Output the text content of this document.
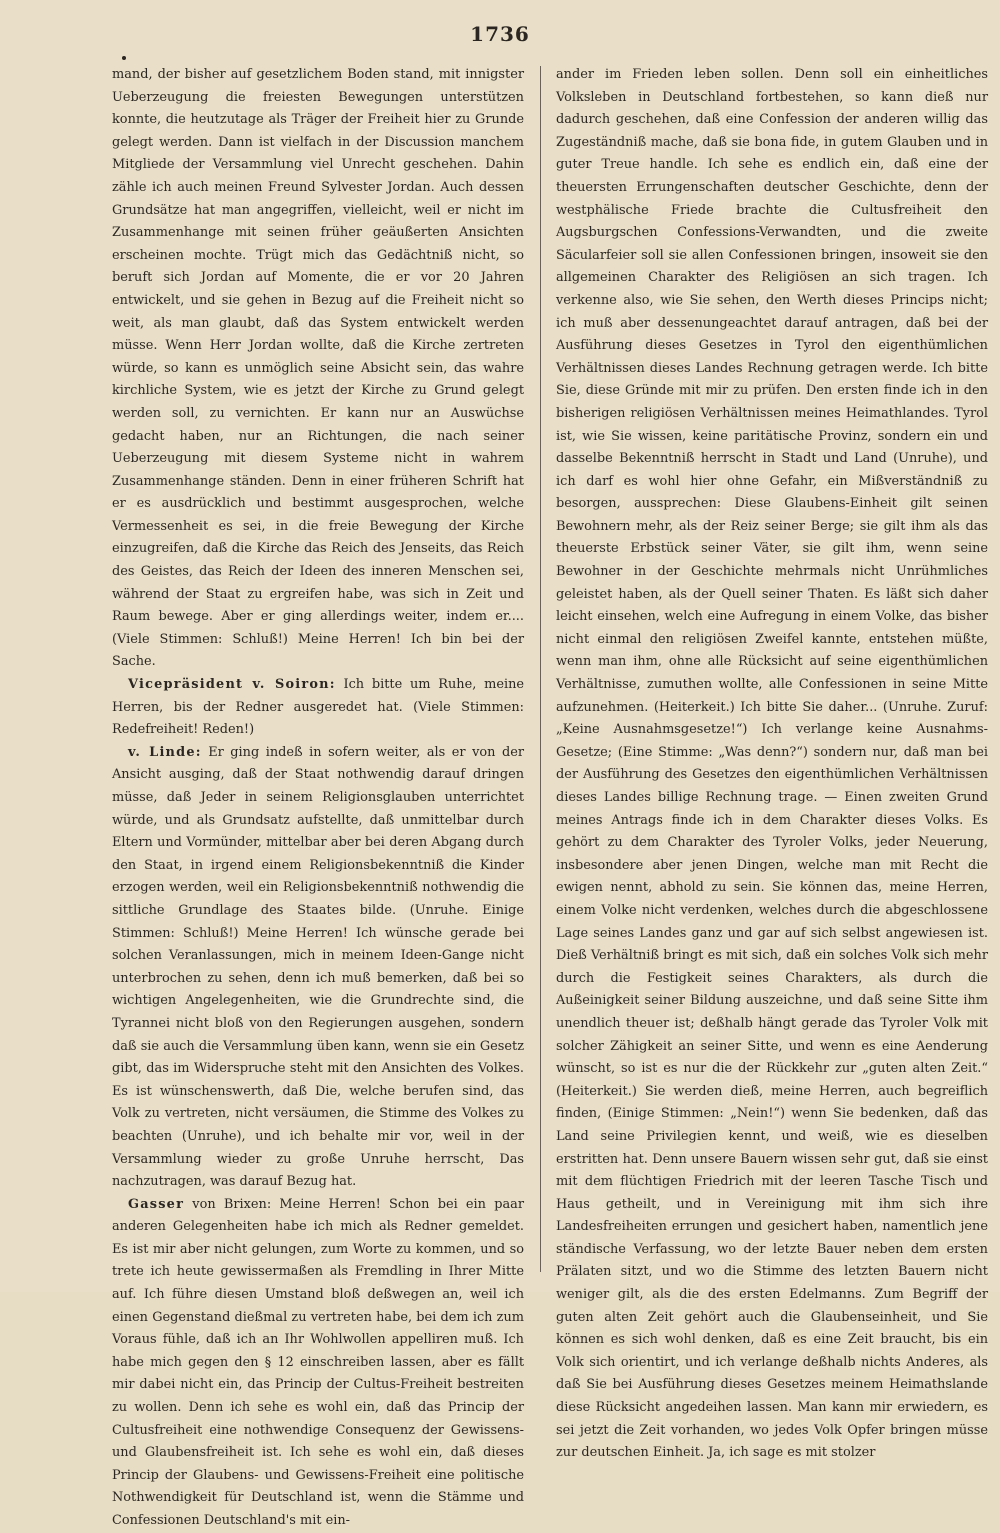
1736

mand, der bisher auf gesetzlichem Boden stand, mit innigster Ueberzeugung die freiesten Bewegungen unterstützen konnte, die heutzutage als Träger der Freiheit hier zu Grunde gelegt werden. Dann ist vielfach in der Discussion manchem Mitgliede der Versammlung viel Unrecht geschehen. Dahin zähle ich auch meinen Freund Sylvester Jordan. Auch dessen Grundsätze hat man angegriffen, vielleicht, weil er nicht im Zusammenhange mit seinen früher geäußerten Ansichten erscheinen mochte. Trügt mich das Gedächtniß nicht, so beruft sich Jordan auf Momente, die er vor 20 Jahren entwickelt, und sie gehen in Bezug auf die Freiheit nicht so weit, als man glaubt, daß das System entwickelt werden müsse. Wenn Herr Jordan wollte, daß die Kirche zertreten würde, so kann es unmöglich seine Absicht sein, das wahre kirchliche System, wie es jetzt der Kirche zu Grund gelegt werden soll, zu vernichten. Er kann nur an Auswüchse gedacht haben, nur an Richtungen, die nach seiner Ueberzeugung mit diesem Systeme nicht in wahrem Zusammenhange ständen. Denn in einer früheren Schrift hat er es ausdrücklich und bestimmt ausgesprochen, welche Vermessenheit es sei, in die freie Bewegung der Kirche einzugreifen, daß die Kirche das Reich des Jenseits, das Reich des Geistes, das Reich der Ideen des inneren Menschen sei, während der Staat zu ergreifen habe, was sich in Zeit und Raum bewege. Aber er ging allerdings weiter, indem er.... (Viele Stimmen: Schluß!) Meine Herren! Ich bin bei der Sache.

Vicepräsident v. Soiron: Ich bitte um Ruhe, meine Herren, bis der Redner ausgeredet hat. (Viele Stimmen: Redefreiheit! Reden!)

v. Linde: Er ging indeß in sofern weiter, als er von der Ansicht ausging, daß der Staat nothwendig darauf dringen müsse, daß Jeder in seinem Religionsglauben unterrichtet würde, und als Grundsatz aufstellte, daß unmittelbar durch Eltern und Vormünder, mittelbar aber bei deren Abgang durch den Staat, in irgend einem Religionsbekenntniß die Kinder erzogen werden, weil ein Religionsbekenntniß nothwendig die sittliche Grundlage des Staates bilde. (Unruhe. Einige Stimmen: Schluß!) Meine Herren! Ich wünsche gerade bei solchen Veranlassungen, mich in meinem Ideen-Gange nicht unterbrochen zu sehen, denn ich muß bemerken, daß bei so wichtigen Angelegenheiten, wie die Grundrechte sind, die Tyrannei nicht bloß von den Regierungen ausgehen, sondern daß sie auch die Versammlung üben kann, wenn sie ein Gesetz gibt, das im Widerspruche steht mit den Ansichten des Volkes. Es ist wünschenswerth, daß Die, welche berufen sind, das Volk zu vertreten, nicht versäumen, die Stimme des Volkes zu beachten (Unruhe), und ich behalte mir vor, weil in der Versammlung wieder zu große Unruhe herrscht, Das nachzutragen, was darauf Bezug hat.

Gasser von Brixen: Meine Herren! Schon bei ein paar anderen Gelegenheiten habe ich mich als Redner gemeldet. Es ist mir aber nicht gelungen, zum Worte zu kommen, und so trete ich heute gewissermaßen als Fremdling in Ihrer Mitte auf. Ich führe diesen Umstand bloß deßwegen an, weil ich einen Gegenstand dießmal zu vertreten habe, bei dem ich zum Voraus fühle, daß ich an Ihr Wohlwollen appelliren muß. Ich habe mich gegen den § 12 einschreiben lassen, aber es fällt mir dabei nicht ein, das Princip der Cultus-Freiheit bestreiten zu wollen. Denn ich sehe es wohl ein, daß das Princip der Cultusfreiheit eine nothwendige Consequenz der Gewissens- und Glaubensfreiheit ist. Ich sehe es wohl ein, daß dieses Princip der Glaubens- und Gewissens-Freiheit eine politische Nothwendigkeit für Deutschland ist, wenn die Stämme und Confessionen Deutschland's mit ein-

ander im Frieden leben sollen. Denn soll ein einheitliches Volksleben in Deutschland fortbestehen, so kann dieß nur dadurch geschehen, daß eine Confession der anderen willig das Zugeständniß mache, daß sie bona fide, in gutem Glauben und in guter Treue handle. Ich sehe es endlich ein, daß eine der theuersten Errungenschaften deutscher Geschichte, denn der westphälische Friede brachte die Cultusfreiheit den Augsburgschen Confessions-Verwandten, und die zweite Säcularfeier soll sie allen Confessionen bringen, insoweit sie den allgemeinen Charakter des Religiösen an sich tragen. Ich verkenne also, wie Sie sehen, den Werth dieses Princips nicht; ich muß aber dessenungeachtet darauf antragen, daß bei der Ausführung dieses Gesetzes in Tyrol den eigenthümlichen Verhältnissen dieses Landes Rechnung getragen werde. Ich bitte Sie, diese Gründe mit mir zu prüfen. Den ersten finde ich in den bisherigen religiösen Verhältnissen meines Heimathlandes. Tyrol ist, wie Sie wissen, keine paritätische Provinz, sondern ein und dasselbe Bekenntniß herrscht in Stadt und Land (Unruhe), und ich darf es wohl hier ohne Gefahr, ein Mißverständniß zu besorgen, aussprechen: Diese Glaubens-Einheit gilt seinen Bewohnern mehr, als der Reiz seiner Berge; sie gilt ihm als das theuerste Erbstück seiner Väter, sie gilt ihm, wenn seine Bewohner in der Geschichte mehrmals nicht Unrühmliches geleistet haben, als der Quell seiner Thaten. Es läßt sich daher leicht einsehen, welch eine Aufregung in einem Volke, das bisher nicht einmal den religiösen Zweifel kannte, entstehen müßte, wenn man ihm, ohne alle Rücksicht auf seine eigenthümlichen Verhältnisse, zumuthen wollte, alle Confessionen in seine Mitte aufzunehmen. (Heiterkeit.) Ich bitte Sie daher... (Unruhe. Zuruf: „Keine Ausnahmsgesetze!“) Ich verlange keine Ausnahms-Gesetze; (Eine Stimme: „Was denn?“) sondern nur, daß man bei der Ausführung des Gesetzes den eigenthümlichen Verhältnissen dieses Landes billige Rechnung trage. — Einen zweiten Grund meines Antrags finde ich in dem Charakter dieses Volks. Es gehört zu dem Charakter des Tyroler Volks, jeder Neuerung, insbesondere aber jenen Dingen, welche man mit Recht die ewigen nennt, abhold zu sein. Sie können das, meine Herren, einem Volke nicht verdenken, welches durch die abgeschlossene Lage seines Landes ganz und gar auf sich selbst angewiesen ist. Dieß Verhältniß bringt es mit sich, daß ein solches Volk sich mehr durch die Festigkeit seines Charakters, als durch die Außeinigkeit seiner Bildung auszeichne, und daß seine Sitte ihm unendlich theuer ist; deßhalb hängt gerade das Tyroler Volk mit solcher Zähigkeit an seiner Sitte, und wenn es eine Aenderung wünscht, so ist es nur die der Rückkehr zur „guten alten Zeit.“ (Heiterkeit.) Sie werden dieß, meine Herren, auch begreiflich finden, (Einige Stimmen: „Nein!“) wenn Sie bedenken, daß das Land seine Privilegien kennt, und weiß, wie es dieselben erstritten hat. Denn unsere Bauern wissen sehr gut, daß sie einst mit dem flüchtigen Friedrich mit der leeren Tasche Tisch und Haus getheilt, und in Vereinigung mit ihm sich ihre Landesfreiheiten errungen und gesichert haben, namentlich jene ständische Verfassung, wo der letzte Bauer neben dem ersten Prälaten sitzt, und wo die Stimme des letzten Bauern nicht weniger gilt, als die des ersten Edelmanns. Zum Begriff der guten alten Zeit gehört auch die Glaubenseinheit, und Sie können es sich wohl denken, daß es eine Zeit braucht, bis ein Volk sich orientirt, und ich verlange deßhalb nichts Anderes, als daß Sie bei Ausführung dieses Gesetzes meinem Heimathslande diese Rücksicht angedeihen lassen. Man kann mir erwiedern, es sei jetzt die Zeit vorhanden, wo jedes Volk Opfer bringen müsse zur deutschen Einheit. Ja, ich sage es mit stolzer
